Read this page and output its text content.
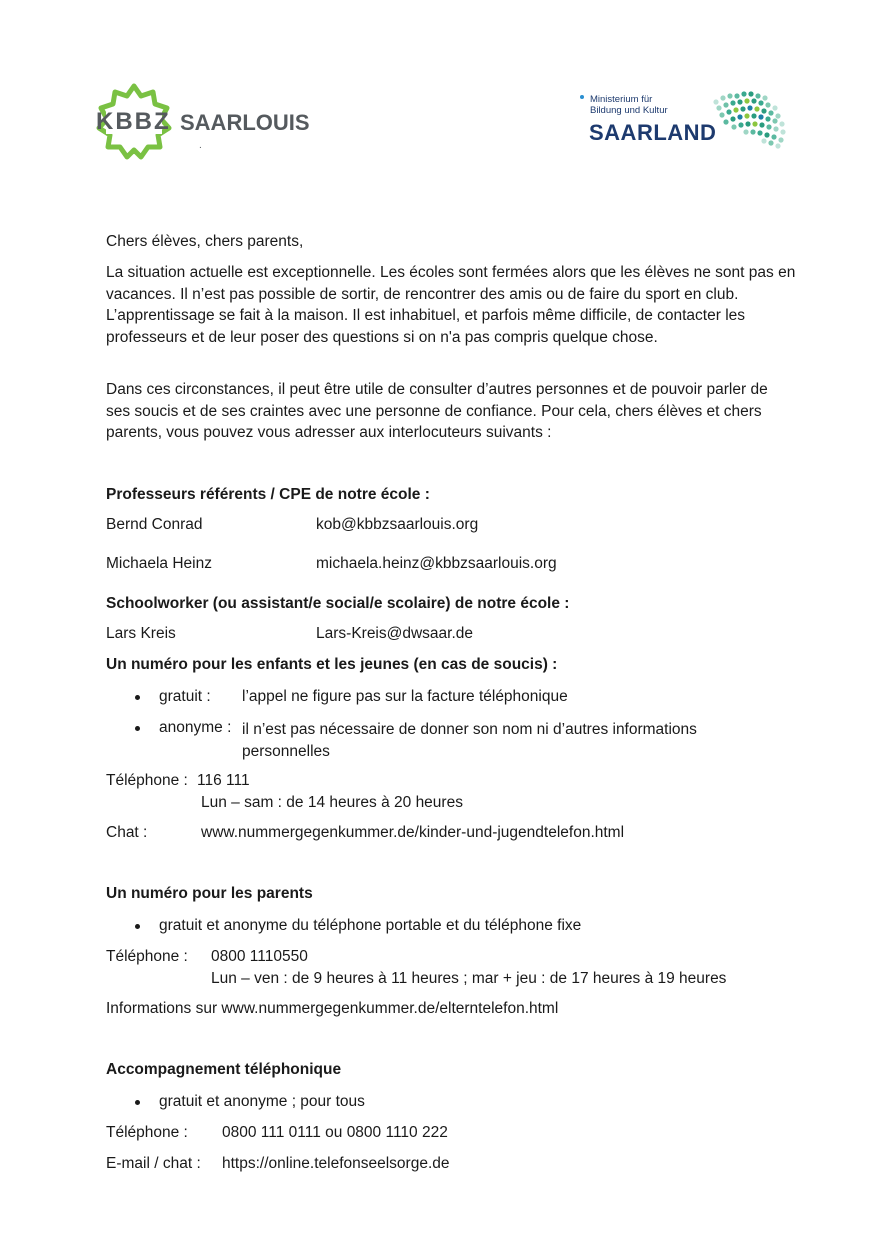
KBBZ SAARLOUIS
.
Ministerium für
Bildung und Kultur
SAARLAND
Chers élèves, chers parents,
La situation actuelle est exceptionnelle. Les écoles sont fermées alors que les élèves ne sont pas en vacances. Il n’est pas possible de sortir, de rencontrer des amis ou de faire du sport en club. L’apprentissage se fait à la maison. Il est inhabituel, et parfois même difficile, de contacter les professeurs et de leur poser des questions si on n'a pas compris quelque chose.
Dans ces circonstances, il peut être utile de consulter d’autres personnes et de pouvoir parler de ses soucis et de ses craintes avec une personne de confiance. Pour cela, chers élèves et chers parents, vous pouvez vous adresser aux interlocuteurs suivants :
Professeurs référents / CPE de notre école :
Bernd Conrad	kob@kbbzsaarlouis.org
Michaela Heinz	michaela.heinz@kbbzsaarlouis.org
Schoolworker (ou assistant/e social/e scolaire) de notre école :
Lars Kreis	Lars-Kreis@dwsaar.de
Un numéro pour les enfants et les jeunes (en cas de soucis) :
gratuit : l’appel ne figure pas sur la facture téléphonique
anonyme : il n’est pas nécessaire de donner son nom ni d’autres informations personnelles
Téléphone : 116 111
Lun – sam : de 14 heures à 20 heures
Chat :	www.nummergegenkummer.de/kinder-und-jugendtelefon.html
Un numéro pour les parents
gratuit et anonyme du téléphone portable et du téléphone fixe
Téléphone : 0800 1110550
Lun – ven : de 9 heures à 11 heures ; mar + jeu : de 17 heures à 19 heures
Informations sur www.nummergegenkummer.de/elterntelefon.html
Accompagnement téléphonique
gratuit et anonyme ; pour tous
Téléphone : 0800 111 0111 ou 0800 1110 222
E-mail / chat : https://online.telefonseelsorge.de
